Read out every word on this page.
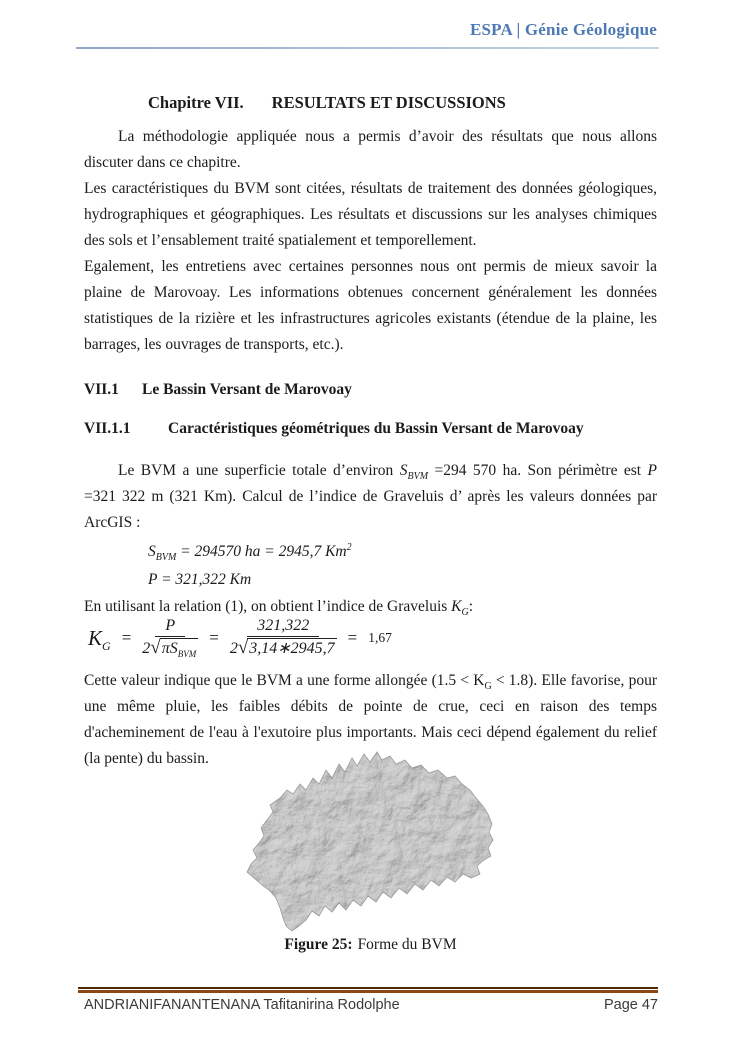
ESPA | Génie Géologique
Chapitre VII. RESULTATS ET DISCUSSIONS

La méthodologie appliquée nous a permis d’avoir des résultats que nous allons discuter dans ce chapitre.

Les caractéristiques du BVM sont citées, résultats de traitement des données géologiques, hydrographiques et géographiques. Les résultats et discussions sur les analyses chimiques des sols et l’ensablement traité spatialement et temporellement.

Egalement, les entretiens avec certaines personnes nous ont permis de mieux savoir la plaine de Marovoay. Les informations obtenues concernent généralement les données statistiques de la rizière et les infrastructures agricoles existants (étendue de la plaine, les barrages, les ouvrages de transports, etc.).

VII.1 Le Bassin Versant de Marovoay
VII.1.1 Caractéristiques géométriques du Bassin Versant de Marovoay

Le BVM a une superficie totale d’environ $S_{BVM} =294$ 570 ha. Son périmètre est P =321 322 m (321 Km). Calcul de l’indice de Graveluis d’ après les valeurs données par ArcGIS :

$S_{BVM} = 294570$ ha = 2945,7 Km$^2$
P = 321,322 Km

En utilisant la relation (1), on obtient l’indice de Graveluis $K_G$:

$K_G = \frac{P}{2 √ \pi S_{BVM}} = \frac{321,322}{2 √ 3,14∗2945,7} = 1,67$

Cette valeur indique que le BVM a une forme allongée $(1.5 < K_G < 1.8)$. Elle favorise, pour une même pluie, les faibles débits de pointe de crue, ceci en raison des temps d'acheminement de l'eau à l'exutoire plus importants. Mais ceci dépend également du relief (la pente) du bassin.

Figure 25: Forme du BVM
ANDRIANIFANANTENANA Tafitanirina Rodolphe	Page 47
